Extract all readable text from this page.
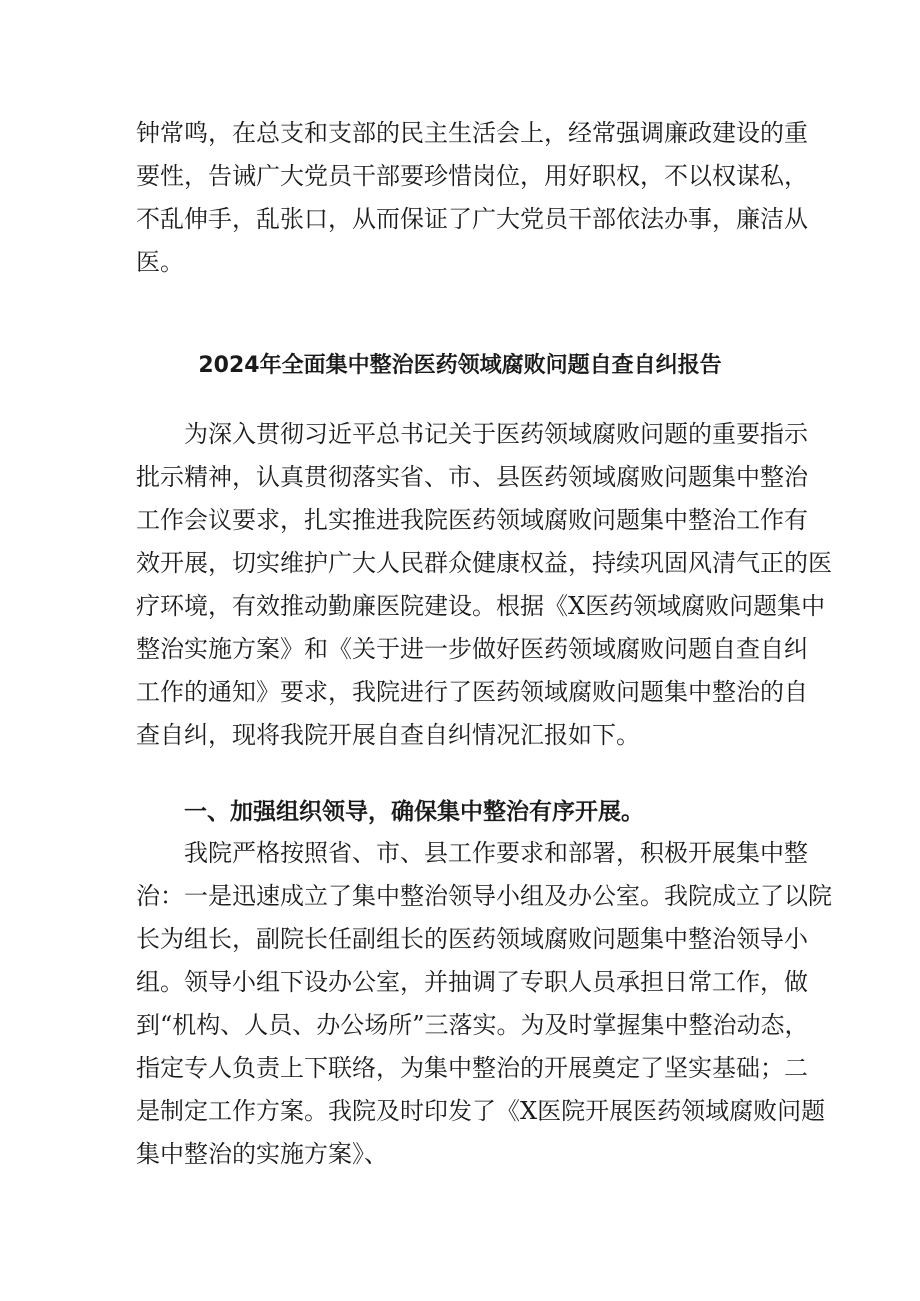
钟常鸣，在总支和支部的民主生活会上，经常强调廉政建设的重
要性，告诫广大党员干部要珍惜岗位，用好职权，不以权谋私，
不乱伸手，乱张口，从而保证了广大党员干部依法办事，廉洁从
医。
2024年全面集中整治医药领域腐败问题自查自纠报告
为深入贯彻习近平总书记关于医药领域腐败问题的重要指示
批示精神，认真贯彻落实省、市、县医药领域腐败问题集中整治
工作会议要求，扎实推进我院医药领域腐败问题集中整治工作有
效开展，切实维护广大人民群众健康权益，持续巩固风清气正的医
疗环境，有效推动勤廉医院建设。根据《X医药领域腐败问题集中
整治实施方案》和《关于进一步做好医药领域腐败问题自查自纠
工作的通知》要求，我院进行了医药领域腐败问题集中整治的自
查自纠，现将我院开展自查自纠情况汇报如下。
一、加强组织领导，确保集中整治有序开展。
我院严格按照省、市、县工作要求和部署，积极开展集中整
治：一是迅速成立了集中整治领导小组及办公室。我院成立了以院
长为组长，副院长任副组长的医药领域腐败问题集中整治领导小
组。领导小组下设办公室，并抽调了专职人员承担日常工作，做
到“机构、人员、办公场所”三落实。为及时掌握集中整治动态，
指定专人负责上下联络，为集中整治的开展奠定了坚实基础；二
是制定工作方案。我院及时印发了《X医院开展医药领域腐败问题
集中整治的实施方案》、
